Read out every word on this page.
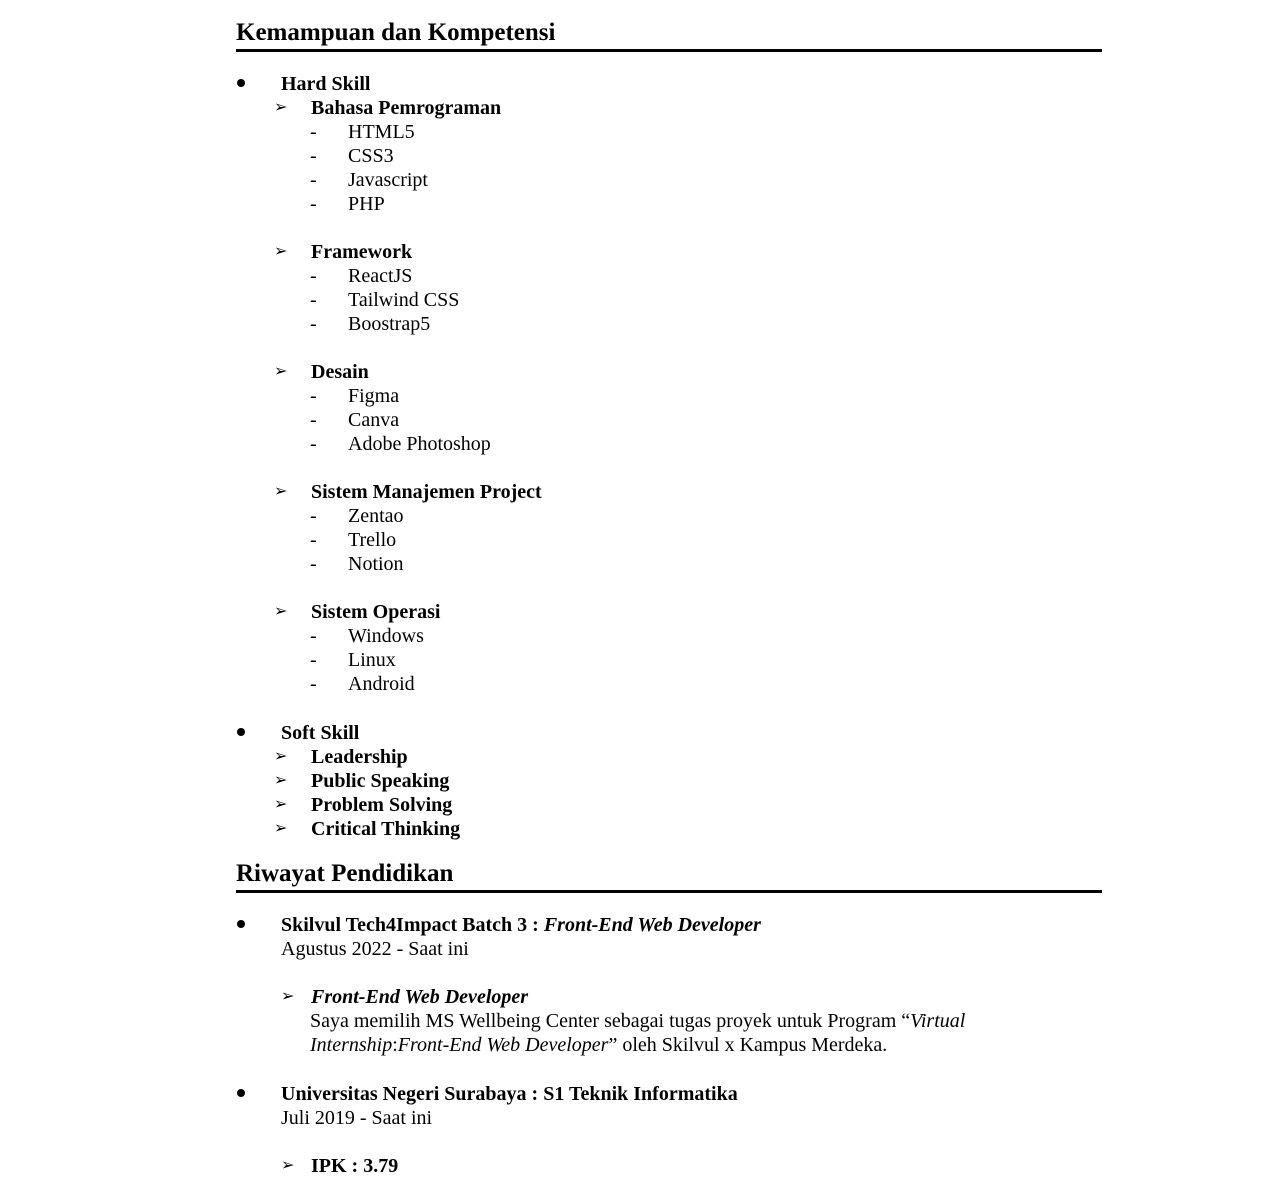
Kemampuan dan Kompetensi
Hard Skill
➢ Bahasa Pemrograman
- HTML5
- CSS3
- Javascript
- PHP
➢ Framework
- ReactJS
- Tailwind CSS
- Boostrap5
➢ Desain
- Figma
- Canva
- Adobe Photoshop
➢ Sistem Manajemen Project
- Zentao
- Trello
- Notion
➢ Sistem Operasi
- Windows
- Linux
- Android
Soft Skill
➢ Leadership
➢ Public Speaking
➢ Problem Solving
➢ Critical Thinking
Riwayat Pendidikan
Skilvul Tech4Impact Batch 3 : Front-End Web Developer
Agustus 2022 - Saat ini
➢ Front-End Web Developer
Saya memilih MS Wellbeing Center sebagai tugas proyek untuk Program “Virtual
Internship:Front-End Web Developer” oleh Skilvul x Kampus Merdeka.
Universitas Negeri Surabaya : S1 Teknik Informatika
Juli 2019 - Saat ini
➢ IPK : 3.79
